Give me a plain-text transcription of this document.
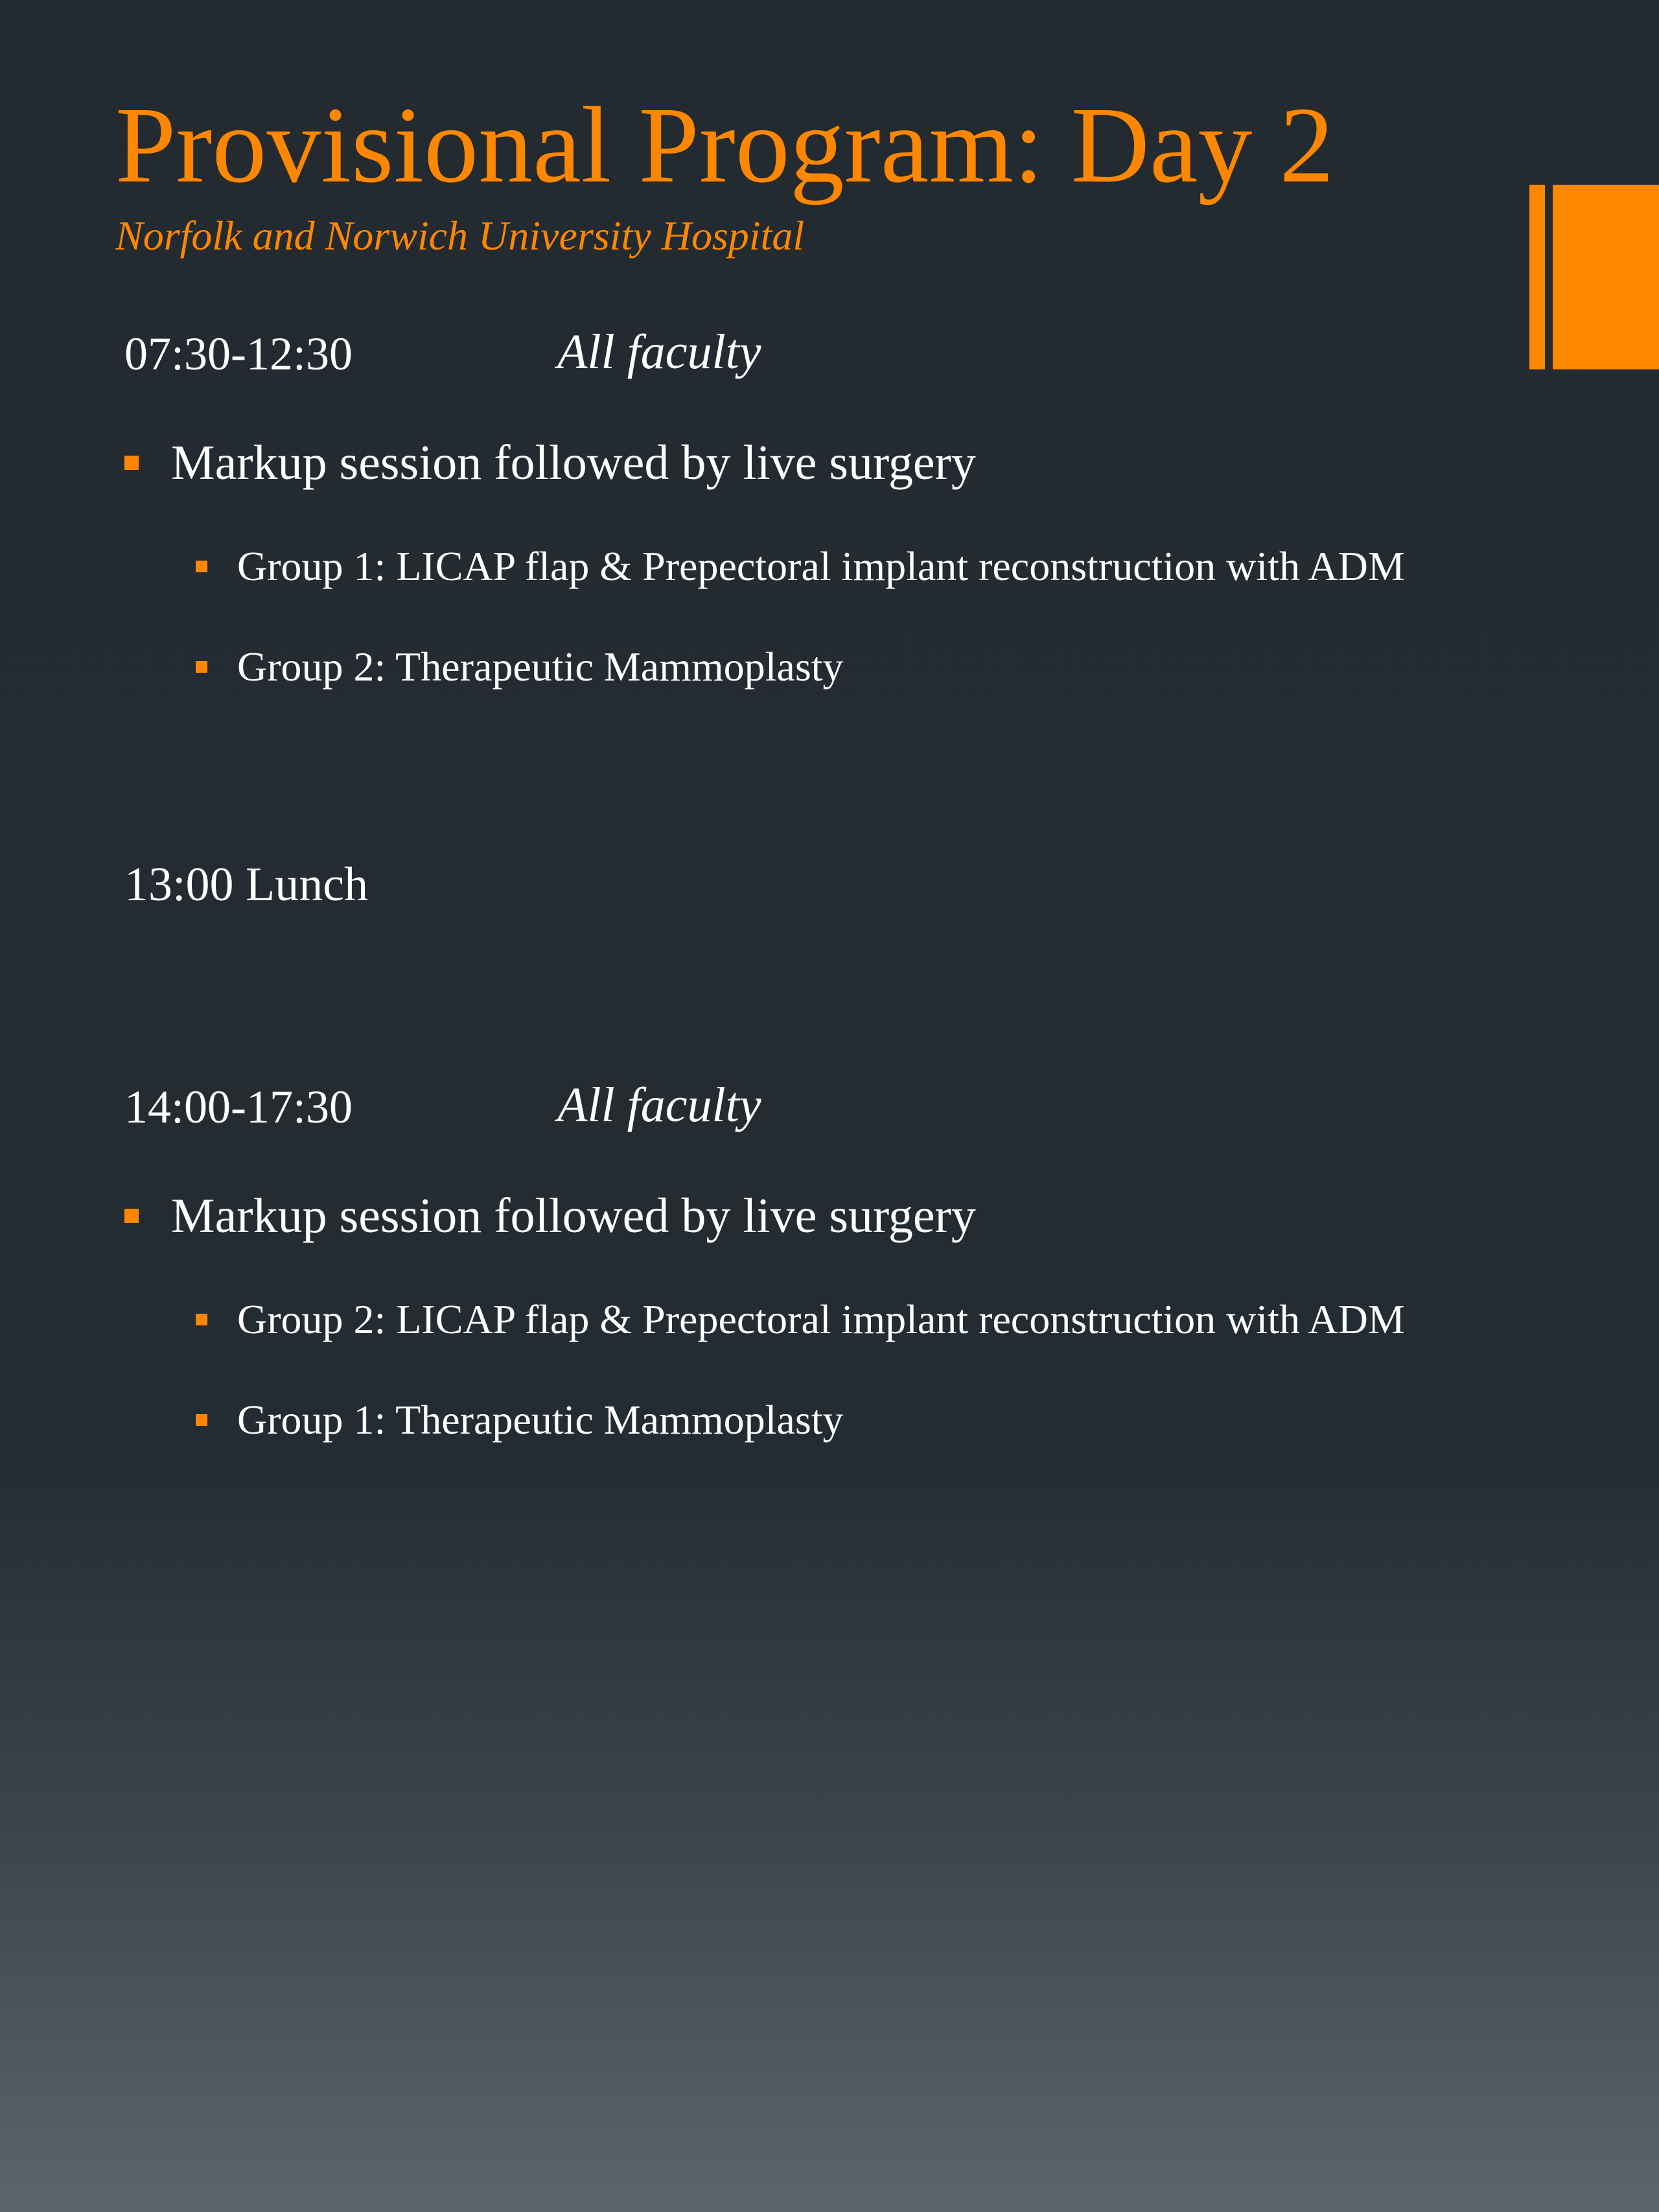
Provisional Program: Day 2
Norfolk and Norwich University Hospital
07:30-12:30	All faculty
Markup session followed by live surgery
Group 1: LICAP flap & Prepectoral implant reconstruction with ADM
Group 2: Therapeutic Mammoplasty
13:00 Lunch
14:00-17:30	All faculty
Markup session followed by live surgery
Group 2: LICAP flap & Prepectoral implant reconstruction with ADM
Group 1: Therapeutic Mammoplasty
